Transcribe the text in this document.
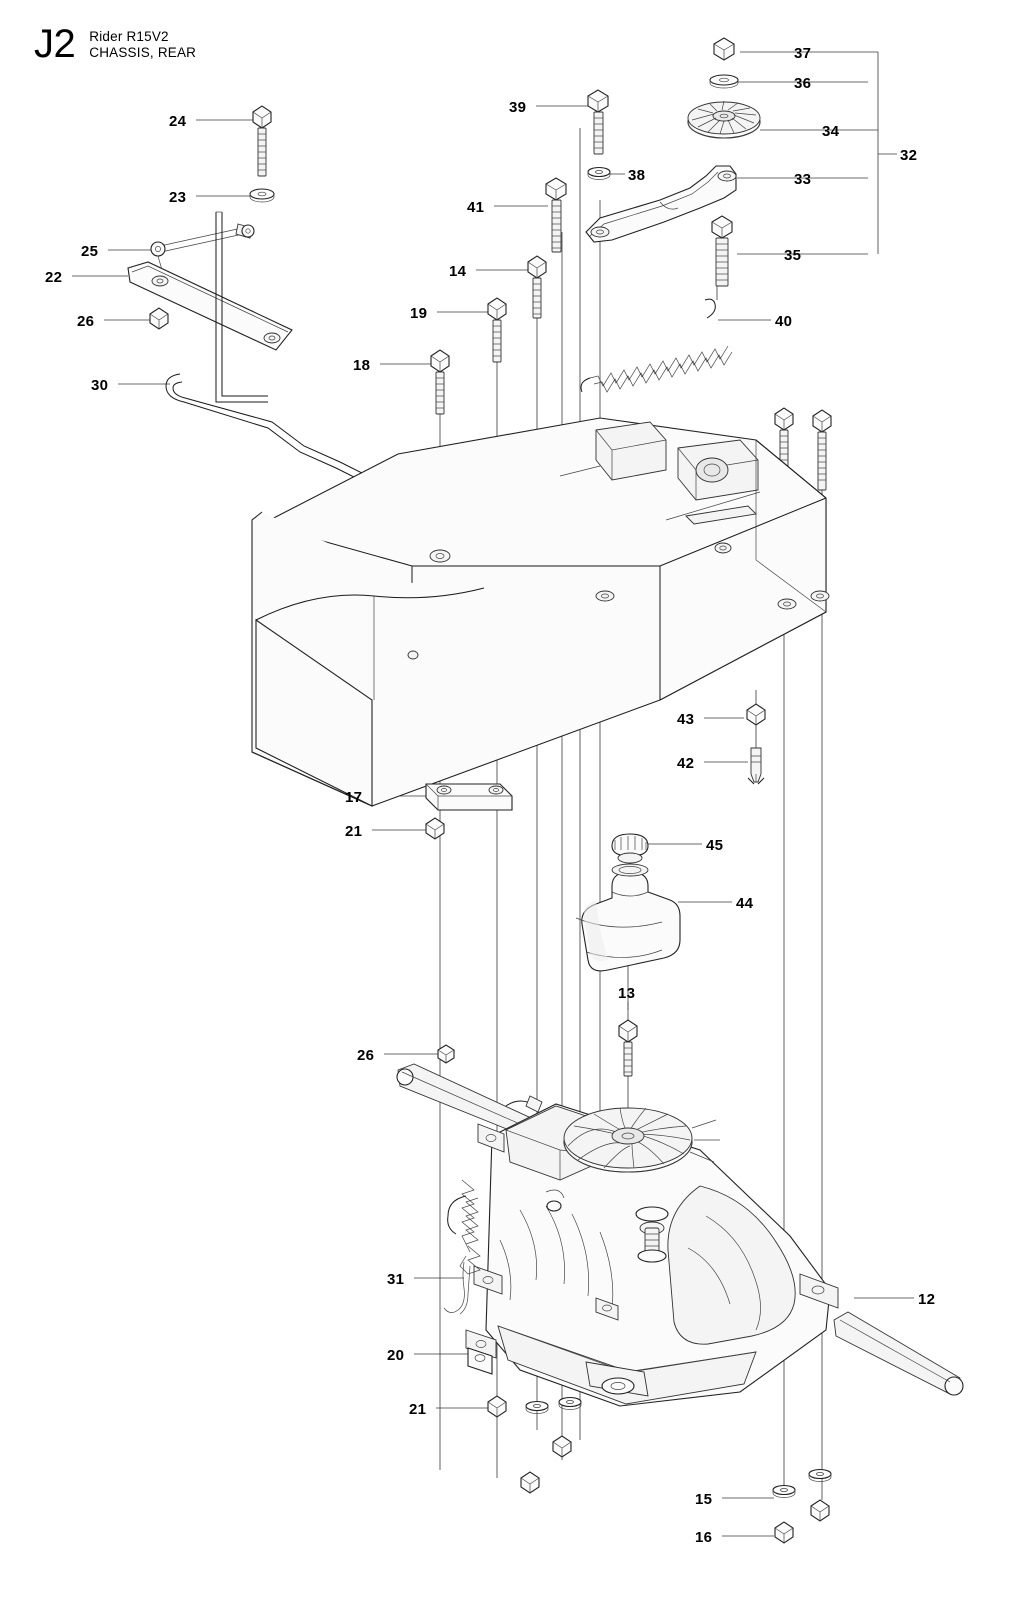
J2 Rider R15V2
CHASSIS, REAR	37
36
34
32
33
35
39
38
41
14
19
18
40
24
23
25
22
26
30
43
42
17
21
45
44
13
26
31
12
20
21
15
16
